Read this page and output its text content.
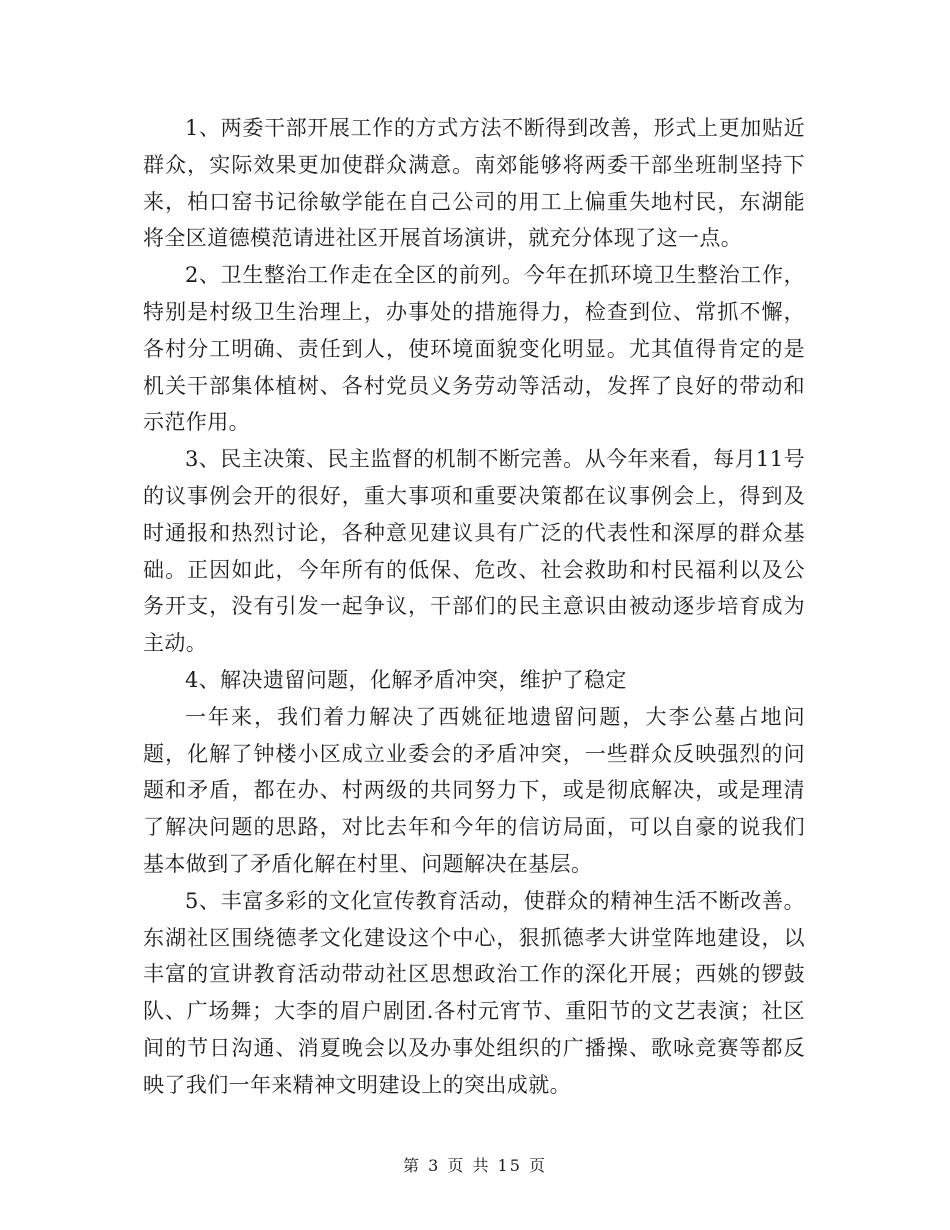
1、两委干部开展工作的方式方法不断得到改善，形式上更加贴近群众，实际效果更加使群众满意。南郊能够将两委干部坐班制坚持下来，柏口窑书记徐敏学能在自己公司的用工上偏重失地村民，东湖能将全区道德模范请进社区开展首场演讲，就充分体现了这一点。

2、卫生整治工作走在全区的前列。今年在抓环境卫生整治工作，特别是村级卫生治理上，办事处的措施得力，检查到位、常抓不懈，各村分工明确、责任到人，使环境面貌变化明显。尤其值得肯定的是机关干部集体植树、各村党员义务劳动等活动，发挥了良好的带动和示范作用。

3、民主决策、民主监督的机制不断完善。从今年来看，每月11号的议事例会开的很好，重大事项和重要决策都在议事例会上，得到及时通报和热烈讨论，各种意见建议具有广泛的代表性和深厚的群众基础。正因如此，今年所有的低保、危改、社会救助和村民福利以及公务开支，没有引发一起争议，干部们的民主意识由被动逐步培育成为主动。

4、解决遗留问题，化解矛盾冲突，维护了稳定

一年来，我们着力解决了西姚征地遗留问题，大李公墓占地问题，化解了钟楼小区成立业委会的矛盾冲突，一些群众反映强烈的问题和矛盾，都在办、村两级的共同努力下，或是彻底解决，或是理清了解决问题的思路，对比去年和今年的信访局面，可以自豪的说我们基本做到了矛盾化解在村里、问题解决在基层。

5、丰富多彩的文化宣传教育活动，使群众的精神生活不断改善。东湖社区围绕德孝文化建设这个中心，狠抓德孝大讲堂阵地建设，以丰富的宣讲教育活动带动社区思想政治工作的深化开展；西姚的锣鼓队、广场舞；大李的眉户剧团.各村元宵节、重阳节的文艺表演；社区间的节日沟通、消夏晚会以及办事处组织的广播操、歌咏竞赛等都反映了我们一年来精神文明建设上的突出成就。

第 3 页 共 15 页
